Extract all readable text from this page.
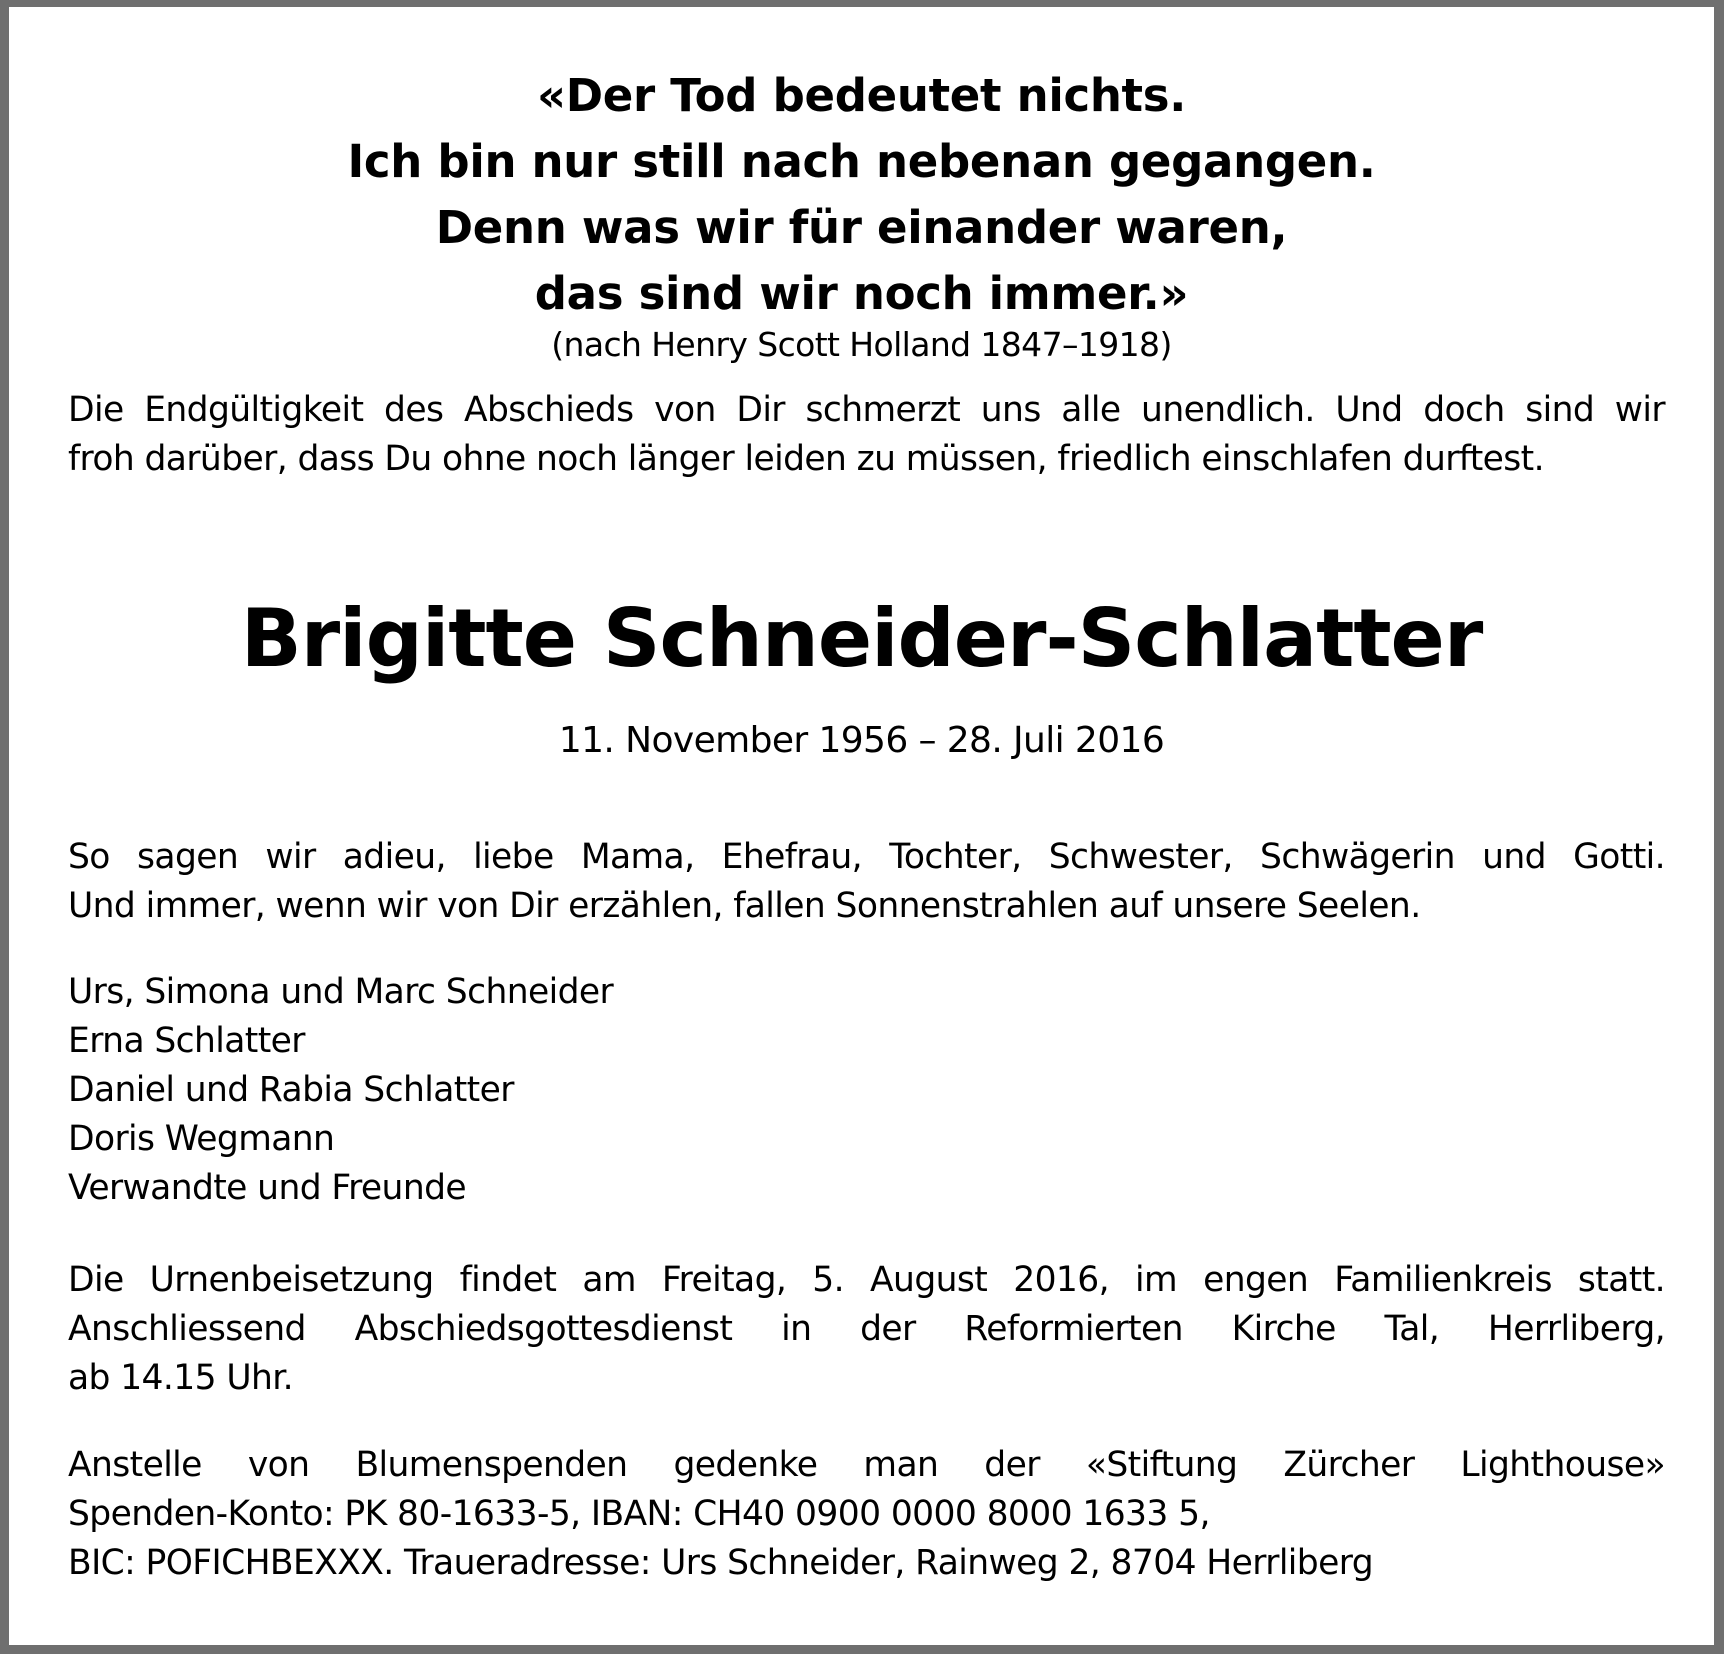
«Der Tod bedeutet nichts.
Ich bin nur still nach nebenan gegangen.
Denn was wir für einander waren,
das sind wir noch immer.»
(nach Henry Scott Holland 1847–1918)
Die Endgültigkeit des Abschieds von Dir schmerzt uns alle unendlich. Und doch sind wir
froh darüber, dass Du ohne noch länger leiden zu müssen, friedlich einschlafen durftest.
Brigitte Schneider-Schlatter
11. November 1956 – 28. Juli 2016
So sagen wir adieu, liebe Mama, Ehefrau, Tochter, Schwester, Schwägerin und Gotti.
Und immer, wenn wir von Dir erzählen, fallen Sonnenstrahlen auf unsere Seelen.
Urs, Simona und Marc Schneider
Erna Schlatter
Daniel und Rabia Schlatter
Doris Wegmann
Verwandte und Freunde
Die Urnenbeisetzung findet am Freitag, 5. August 2016, im engen Familienkreis statt.
Anschliessend Abschiedsgottesdienst in der Reformierten Kirche Tal, Herrliberg,
ab 14.15 Uhr.
Anstelle von Blumenspenden gedenke man der «Stiftung Zürcher Lighthouse»
Spenden-Konto: PK 80-1633-5, IBAN: CH40 0900 0000 8000 1633 5,
BIC: POFICHBEXXX. Traueradresse: Urs Schneider, Rainweg 2, 8704 Herrliberg
